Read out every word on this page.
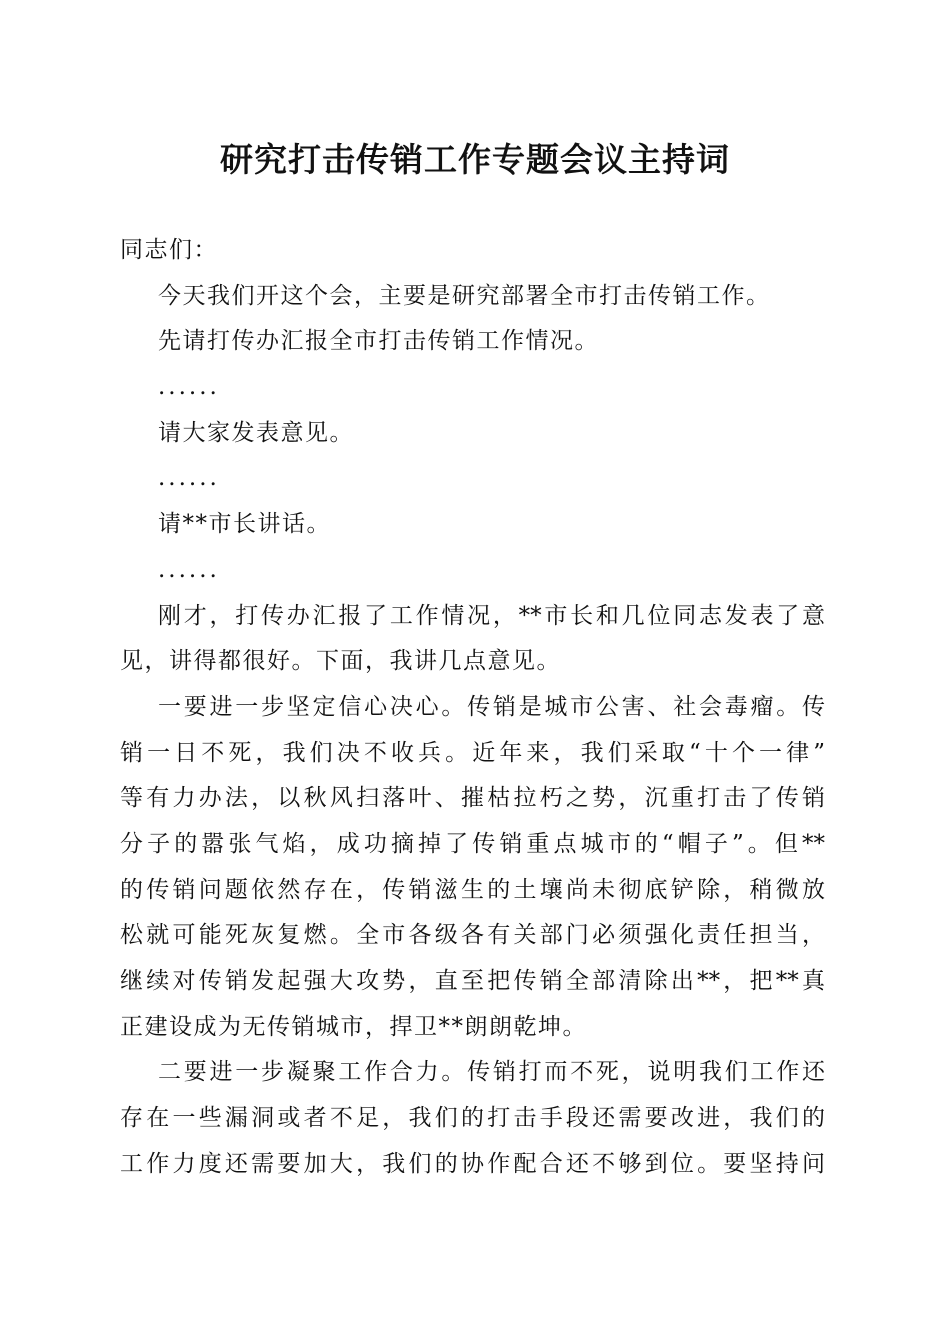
研究打击传销工作专题会议主持词
同志们：
今天我们开这个会，主要是研究部署全市打击传销工作。
先请打传办汇报全市打击传销工作情况。
......
请大家发表意见。
......
请**市长讲话。
......
刚才，打传办汇报了工作情况，**市长和几位同志发表了意
见，讲得都很好。下面，我讲几点意见。
一要进一步坚定信心决心。传销是城市公害、社会毒瘤。传
销一日不死，我们决不收兵。近年来，我们采取“十个一律”
等有力办法，以秋风扫落叶、摧枯拉朽之势，沉重打击了传销
分子的嚣张气焰，成功摘掉了传销重点城市的“帽子”。但**
的传销问题依然存在，传销滋生的土壤尚未彻底铲除，稍微放
松就可能死灰复燃。全市各级各有关部门必须强化责任担当，
继续对传销发起强大攻势，直至把传销全部清除出**，把**真
正建设成为无传销城市，捍卫**朗朗乾坤。
二要进一步凝聚工作合力。传销打而不死，说明我们工作还
存在一些漏洞或者不足，我们的打击手段还需要改进，我们的
工作力度还需要加大，我们的协作配合还不够到位。要坚持问
